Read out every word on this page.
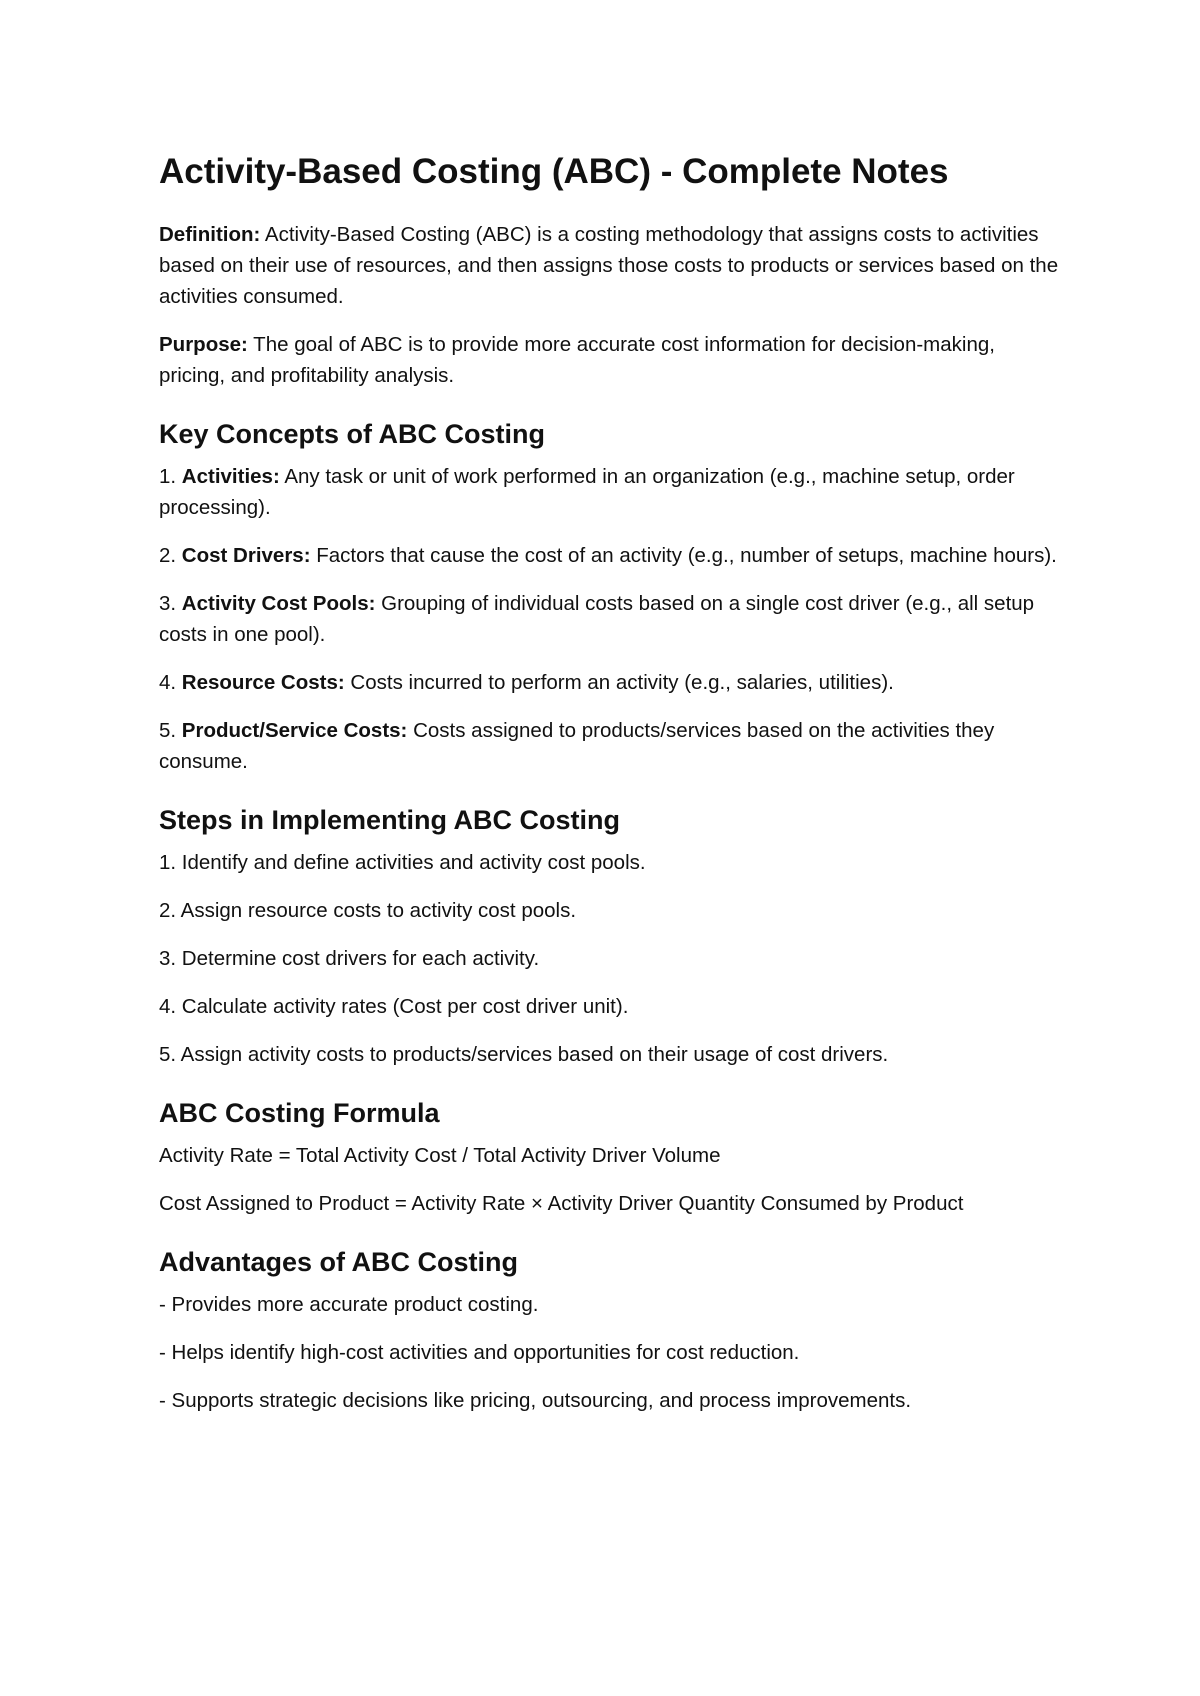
Activity-Based Costing (ABC) - Complete Notes

Definition: Activity-Based Costing (ABC) is a costing methodology that assigns costs to activities based on their use of resources, and then assigns those costs to products or services based on the activities consumed.

Purpose: The goal of ABC is to provide more accurate cost information for decision-making, pricing, and profitability analysis.

Key Concepts of ABC Costing

1. Activities: Any task or unit of work performed in an organization (e.g., machine setup, order processing).

2. Cost Drivers: Factors that cause the cost of an activity (e.g., number of setups, machine hours).

3. Activity Cost Pools: Grouping of individual costs based on a single cost driver (e.g., all setup costs in one pool).

4. Resource Costs: Costs incurred to perform an activity (e.g., salaries, utilities).

5. Product/Service Costs: Costs assigned to products/services based on the activities they consume.

Steps in Implementing ABC Costing

1. Identify and define activities and activity cost pools.

2. Assign resource costs to activity cost pools.

3. Determine cost drivers for each activity.

4. Calculate activity rates (Cost per cost driver unit).

5. Assign activity costs to products/services based on their usage of cost drivers.

ABC Costing Formula

Activity Rate = Total Activity Cost / Total Activity Driver Volume

Cost Assigned to Product = Activity Rate × Activity Driver Quantity Consumed by Product

Advantages of ABC Costing

- Provides more accurate product costing.

- Helps identify high-cost activities and opportunities for cost reduction.

- Supports strategic decisions like pricing, outsourcing, and process improvements.
